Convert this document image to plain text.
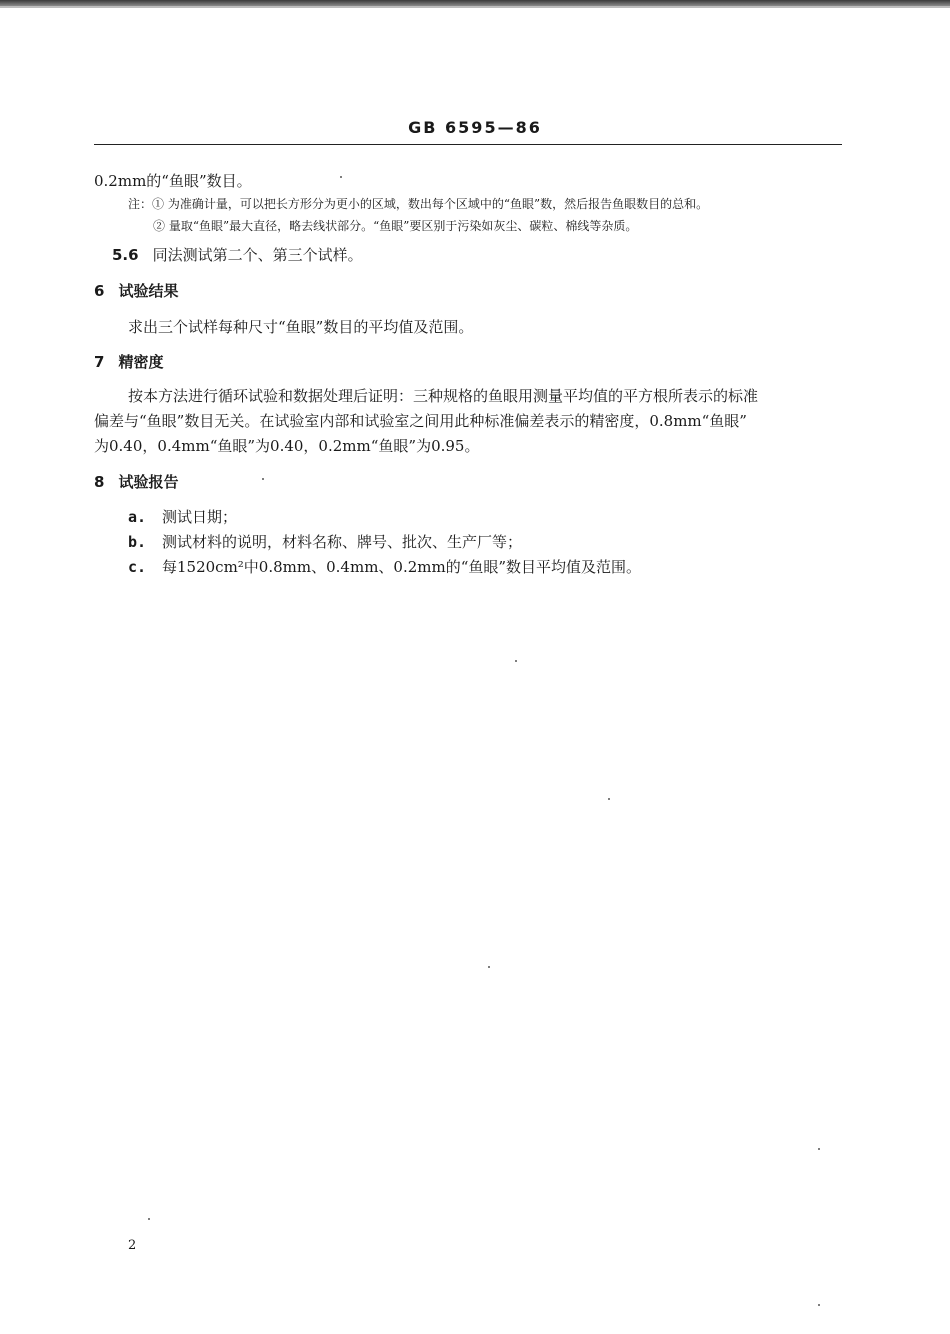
GB 6595—86
0.2mm的“鱼眼”数目。
注：① 为准确计量，可以把长方形分为更小的区域，数出每个区域中的“鱼眼”数，然后报告鱼眼数目的总和。
② 量取“鱼眼”最大直径，略去线状部分。“鱼眼”要区别于污染如灰尘、碳粒、棉线等杂质。
5.6 同法测试第二个、第三个试样。
6 试验结果
求出三个试样每种尺寸“鱼眼”数目的平均值及范围。
7 精密度
按本方法进行循环试验和数据处理后证明：三种规格的鱼眼用测量平均值的平方根所表示的标准
偏差与“鱼眼”数目无关。在试验室内部和试验室之间用此种标准偏差表示的精密度，0.8mm“鱼眼”
为0.40，0.4mm“鱼眼”为0.40，0.2mm“鱼眼”为0.95。
8 试验报告
a. 测试日期；
b. 测试材料的说明，材料名称、牌号、批次、生产厂等；
c. 每1520cm²中0.8mm、0.4mm、0.2mm的“鱼眼”数目平均值及范围。
2
